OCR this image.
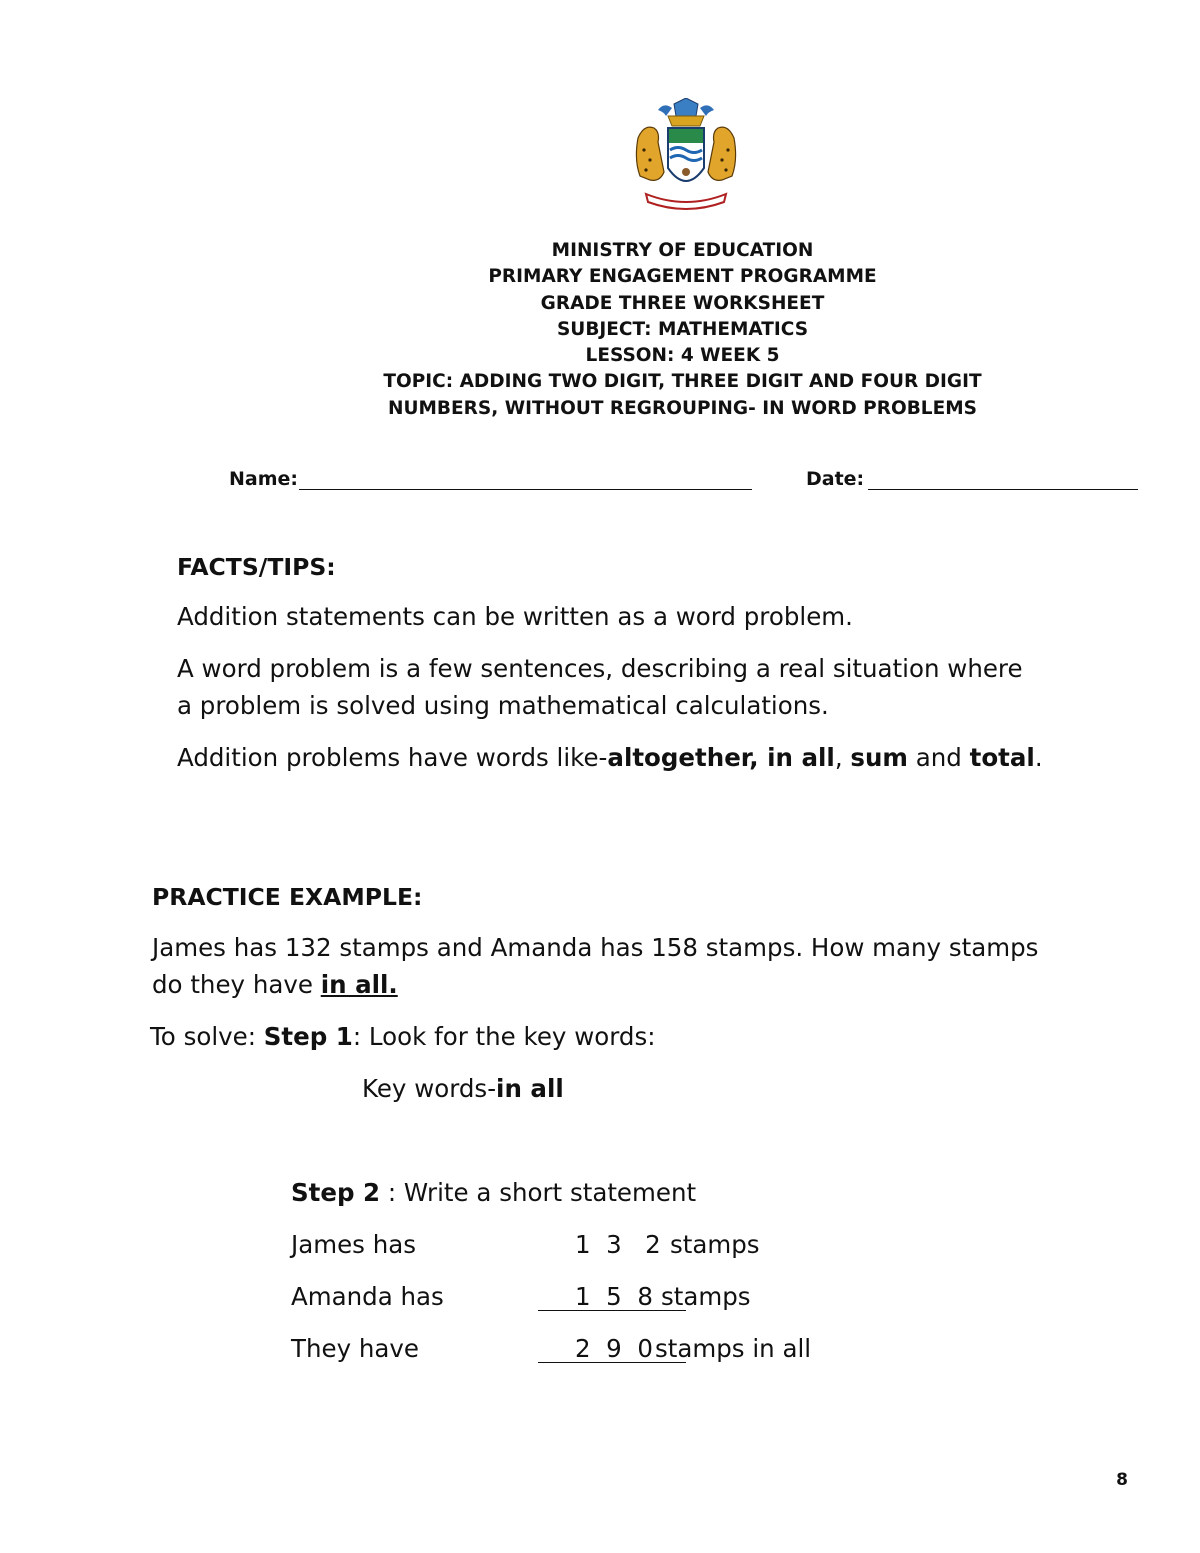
MINISTRY OF EDUCATION
PRIMARY ENGAGEMENT PROGRAMME
GRADE THREE WORKSHEET
SUBJECT: MATHEMATICS
LESSON: 4 WEEK 5
TOPIC: ADDING TWO DIGIT, THREE DIGIT AND FOUR DIGIT
NUMBERS, WITHOUT REGROUPING- IN WORD PROBLEMS
Name:	Date:
FACTS/TIPS:
Addition statements can be written as a word problem.
A word problem is a few sentences, describing a real situation where
a problem is solved using mathematical calculations.
Addition problems have words like-altogether, in all, sum and total.
PRACTICE EXAMPLE:
James has 132 stamps and Amanda has 158 stamps. How many stamps
do they have in all.
To solve: Step 1: Look for the key words:
Key words-in all
Step 2 : Write a short statement
James has	1  3   2 stamps
Amanda has	1  5  8 stamps
They have	2  9  0 stamps in all
8
